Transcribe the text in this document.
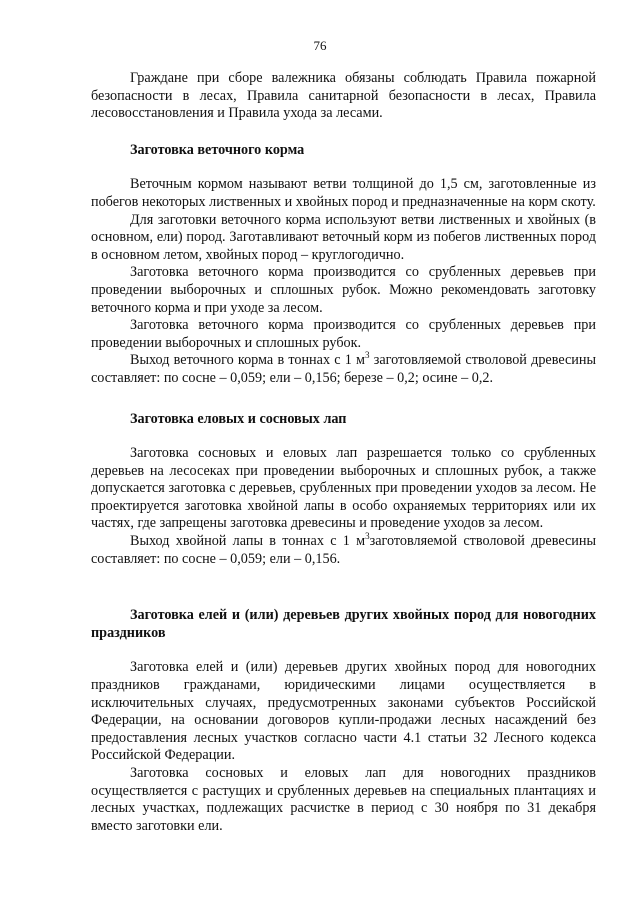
76

Граждане при сборе валежника обязаны соблюдать Правила пожарной безопасности в лесах, Правила санитарной безопасности в лесах, Правила лесовосстановления и Правила ухода за лесами.

Заготовка веточного корма

Веточным кормом называют ветви толщиной до 1,5 см, заготовленные из побегов некоторых лиственных и хвойных пород и предназначенные на корм скоту.

Для заготовки веточного корма используют ветви лиственных и хвойных (в основном, ели) пород. Заготавливают веточный корм из побегов лиственных пород в основном летом, хвойных пород – круглогодично.

Заготовка веточного корма производится со срубленных деревьев при проведении выборочных и сплошных рубок. Можно рекомендовать заготовку веточного корма и при уходе за лесом.

Заготовка веточного корма производится со срубленных деревьев при проведении выборочных и сплошных рубок.

Выход веточного корма в тоннах с 1 $м^3$ заготовляемой стволовой древесины составляет: по сосне – 0,059; ели – 0,156; березе – 0,2; осине – 0,2.

Заготовка еловых и сосновых лап

Заготовка сосновых и еловых лап разрешается только со срубленных деревьев на лесосеках при проведении выборочных и сплошных рубок, а также допускается заготовка с деревьев, срубленных при проведении уходов за лесом. Не проектируется заготовка хвойной лапы в особо охраняемых территориях или их частях, где запрещены заготовка древесины и проведение уходов за лесом.

Выход хвойной лапы в тоннах с 1 $м^3заготовляемой$ стволовой древесины составляет: по сосне – 0,059; ели – 0,156.

Заготовка елей и (или) деревьев других хвойных пород для новогодних праздников

Заготовка елей и (или) деревьев других хвойных пород для новогодних праздников гражданами, юридическими лицами осуществляется в исключительных случаях, предусмотренных законами субъектов Российской Федерации, на основании договоров купли-продажи лесных насаждений без предоставления лесных участков согласно части 4.1 статьи 32 Лесного кодекса Российской Федерации.

Заготовка сосновых и еловых лап для новогодних праздников осуществляется с растущих и срубленных деревьев на специальных плантациях и лесных участках, подлежащих расчистке в период с 30 ноября по 31 декабря вместо заготовки ели.
